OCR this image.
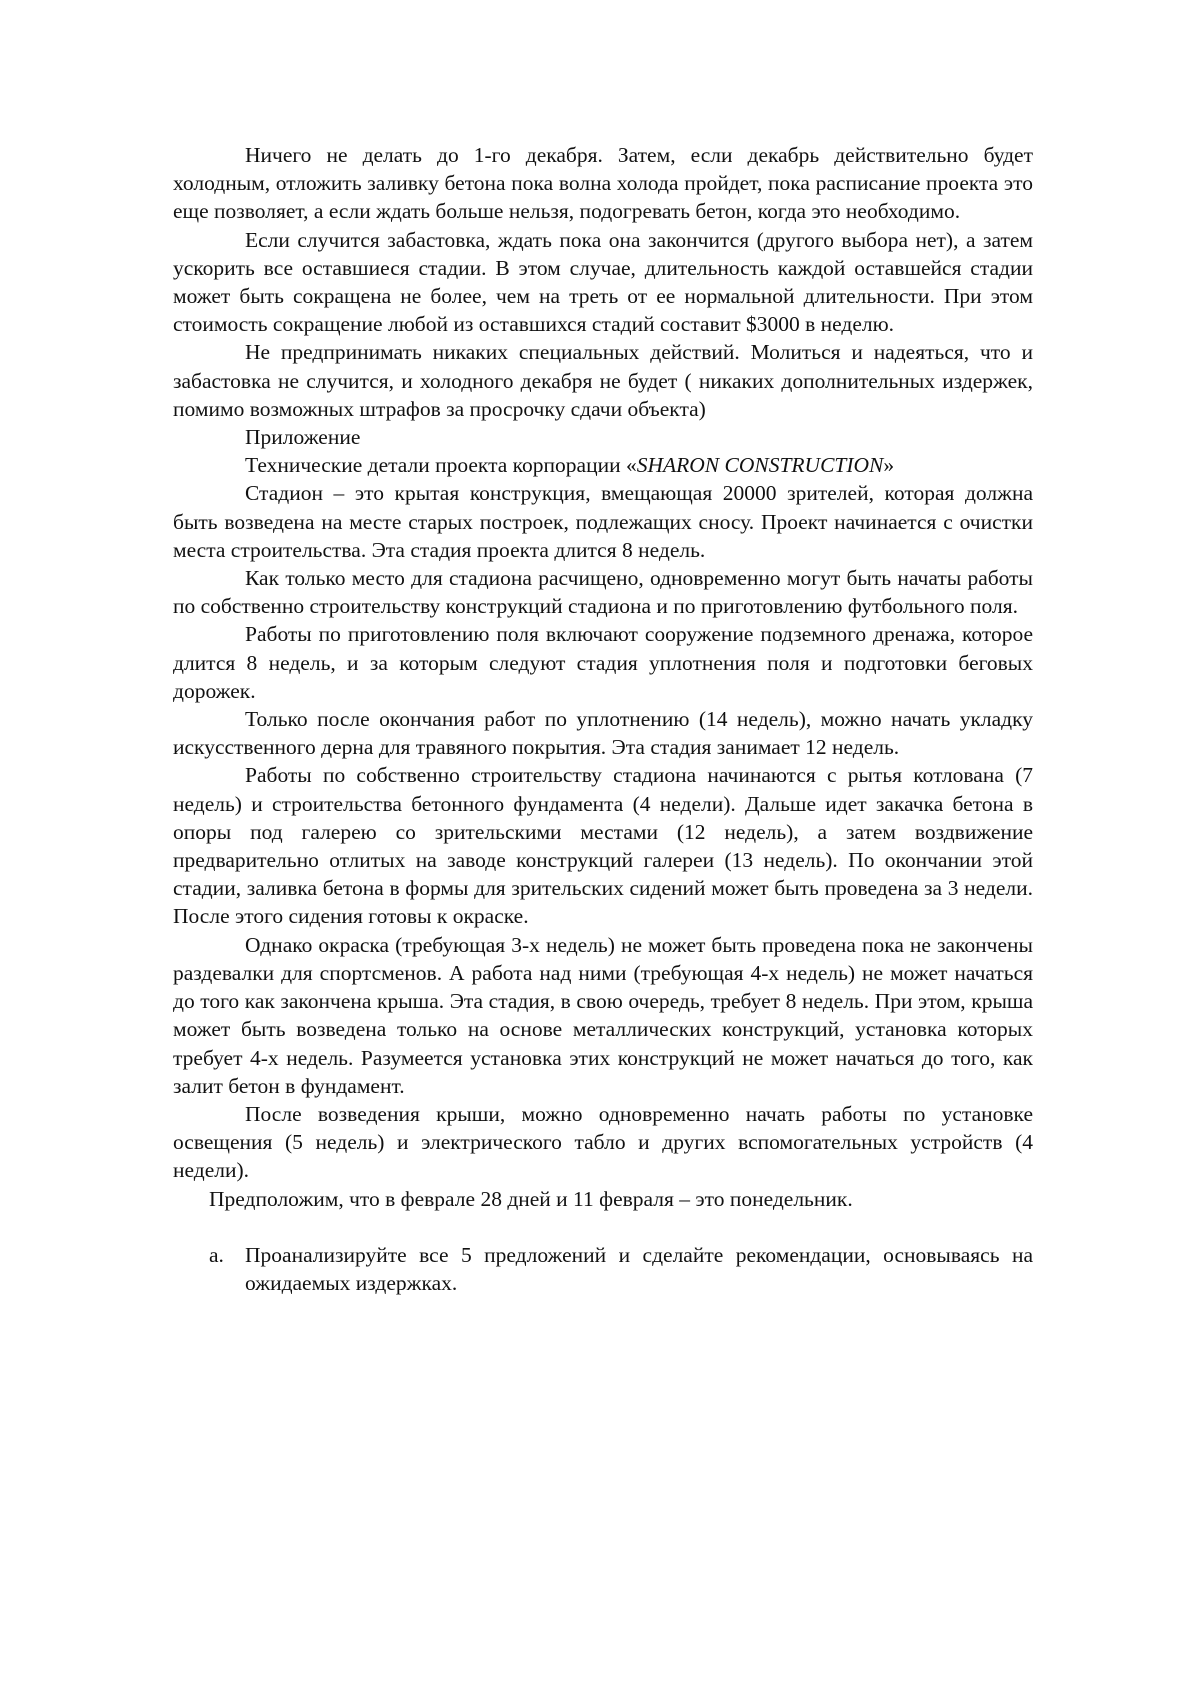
Ничего не делать до 1-го декабря. Затем, если декабрь действительно будет холодным, отложить заливку бетона пока волна холода пройдет, пока расписание проекта это еще позволяет, а если ждать больше нельзя, подогревать бетон, когда это необходимо.

Если случится забастовка, ждать пока она закончится (другого выбора нет), а затем ускорить все оставшиеся стадии. В этом случае, длительность каждой оставшейся стадии может быть сокращена не более, чем на треть от ее нормальной длительности. При этом стоимость сокращение любой из оставшихся стадий составит $3000 в неделю.

Не предпринимать никаких специальных действий. Молиться и надеяться, что и забастовка не случится, и холодного декабря не будет ( никаких дополнительных издержек, помимо возможных штрафов за просрочку сдачи объекта)

Приложение

Технические детали проекта корпорации «SHARON CONSTRUCTION»

Стадион – это крытая конструкция, вмещающая 20000 зрителей, которая должна быть возведена на месте старых построек, подлежащих сносу. Проект начинается с очистки места строительства. Эта стадия проекта длится 8 недель.

Как только место для стадиона расчищено, одновременно могут быть начаты работы по собственно строительству конструкций стадиона и по приготовлению футбольного поля.

Работы по приготовлению поля включают сооружение подземного дренажа, которое длится 8 недель, и за которым следуют стадия уплотнения поля и подготовки беговых дорожек.

Только после окончания работ по уплотнению (14 недель), можно начать укладку искусственного дерна для травяного покрытия. Эта стадия занимает 12 недель.

Работы по собственно строительству стадиона начинаются с рытья котлована (7 недель) и строительства бетонного фундамента (4 недели). Дальше идет закачка бетона в опоры под галерею со зрительскими местами (12 недель), а затем воздвижение предварительно отлитых на заводе конструкций галереи (13 недель). По окончании этой стадии, заливка бетона в формы для зрительских сидений может быть проведена за 3 недели. После этого сидения готовы к окраске.

Однако окраска (требующая 3-х недель) не может быть проведена пока не закончены раздевалки для спортсменов. А работа над ними (требующая 4-х недель) не может начаться до того как закончена крыша. Эта стадия, в свою очередь, требует 8 недель. При этом, крыша может быть возведена только на основе металлических конструкций, установка которых требует 4-х недель. Разумеется установка этих конструкций не может начаться до того, как залит бетон в фундамент.

После возведения крыши, можно одновременно начать работы по установке освещения (5 недель) и электрического табло и других вспомогательных устройств (4 недели).

Предположим, что в феврале 28 дней и 11 февраля – это понедельник.

a. Проанализируйте все 5 предложений и сделайте рекомендации, основываясь на ожидаемых издержках.
